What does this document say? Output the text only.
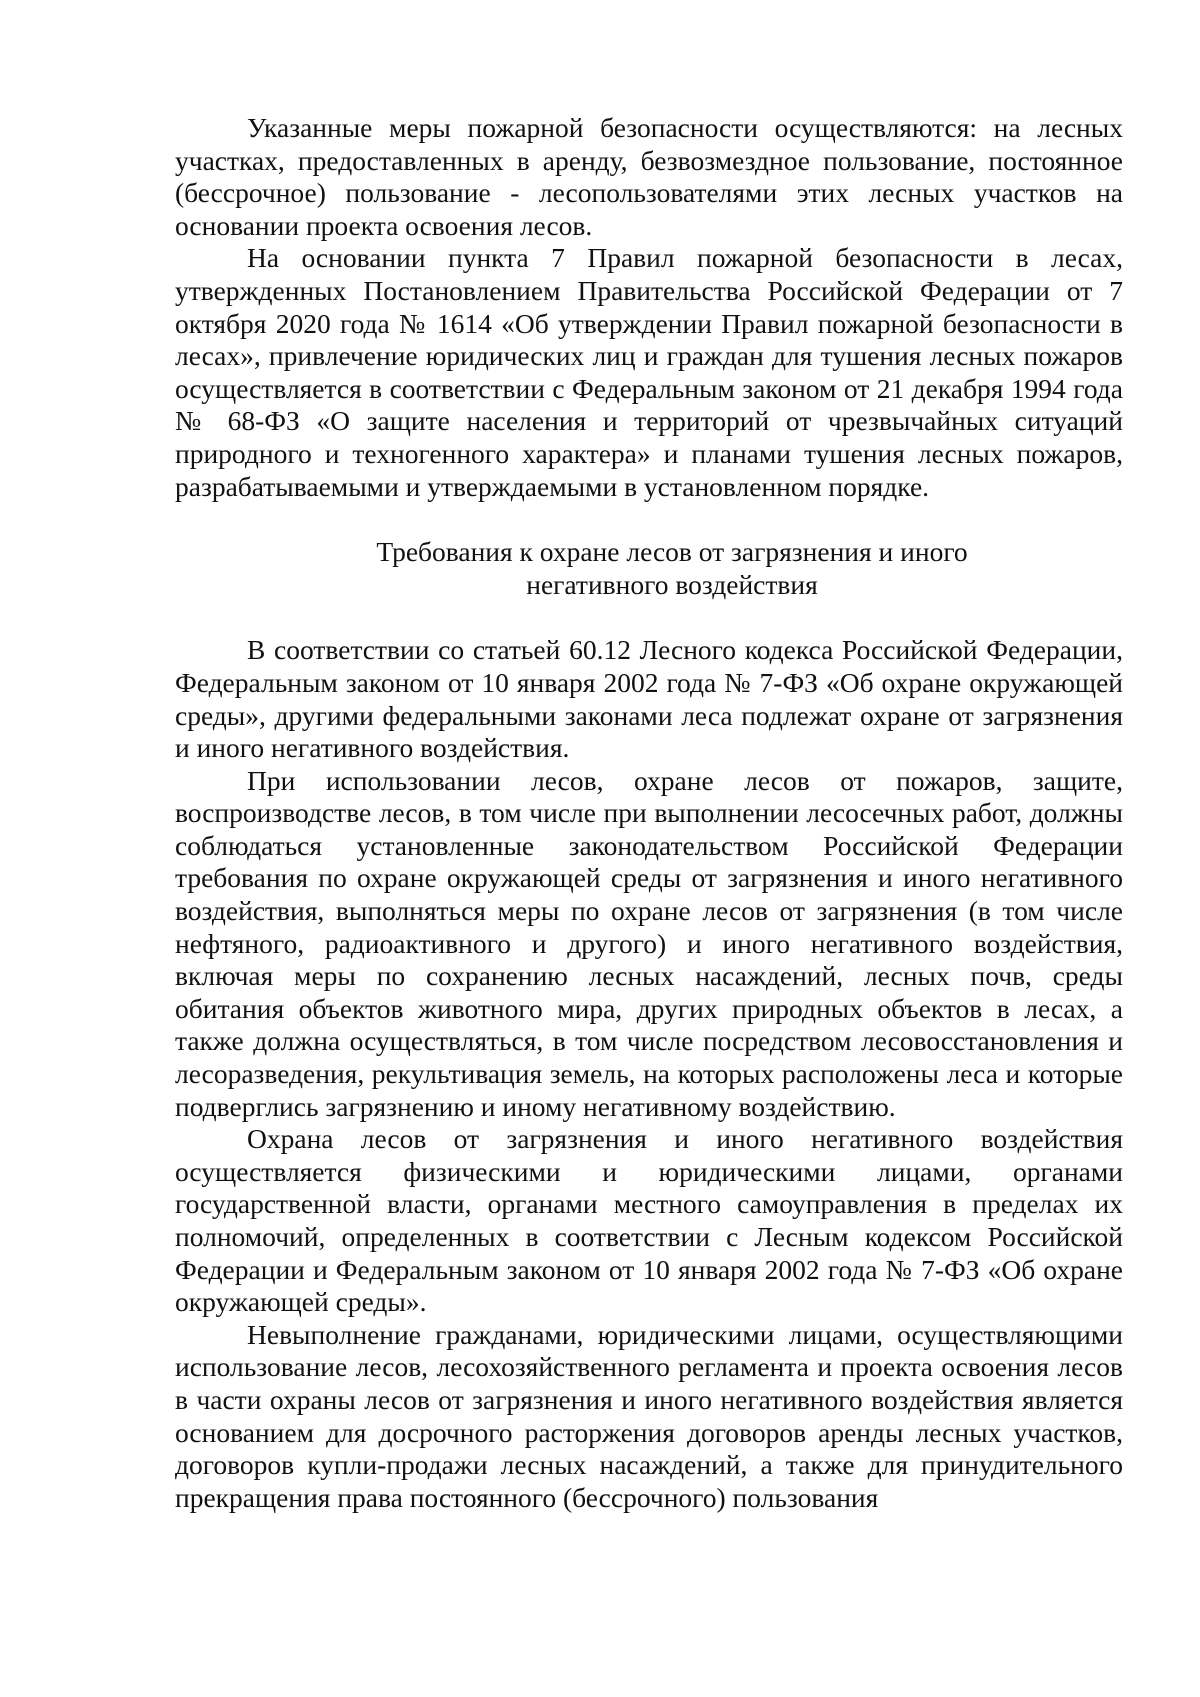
Указанные меры пожарной безопасности осуществляются: на лесных участках, предоставленных в аренду, безвозмездное пользование, постоянное (бессрочное) пользование - лесопользователями этих лесных участков на основании проекта освоения лесов.

На основании пункта 7 Правил пожарной безопасности в лесах, утвержденных Постановлением Правительства Российской Федерации от 7 октября 2020 года № 1614 «Об утверждении Правил пожарной безопасности в лесах», привлечение юридических лиц и граждан для тушения лесных пожаров осуществляется в соответствии с Федеральным законом от 21 декабря 1994 года № 68-ФЗ «О защите населения и территорий от чрезвычайных ситуаций природного и техногенного характера» и планами тушения лесных пожаров, разрабатываемыми и утверждаемыми в установленном порядке.

Требования к охране лесов от загрязнения и иного
негативного воздействия

В соответствии со статьей 60.12 Лесного кодекса Российской Федерации, Федеральным законом от 10 января 2002 года № 7-ФЗ «Об охране окружающей среды», другими федеральными законами леса подлежат охране от загрязнения и иного негативного воздействия.

При использовании лесов, охране лесов от пожаров, защите, воспроизводстве лесов, в том числе при выполнении лесосечных работ, должны соблюдаться установленные законодательством Российской Федерации требования по охране окружающей среды от загрязнения и иного негативного воздействия, выполняться меры по охране лесов от загрязнения (в том числе нефтяного, радиоактивного и другого) и иного негативного воздействия, включая меры по сохранению лесных насаждений, лесных почв, среды обитания объектов животного мира, других природных объектов в лесах, а также должна осуществляться, в том числе посредством лесовосстановления и лесоразведения, рекультивация земель, на которых расположены леса и которые подверглись загрязнению и иному негативному воздействию.

Охрана лесов от загрязнения и иного негативного воздействия осуществляется физическими и юридическими лицами, органами государственной власти, органами местного самоуправления в пределах их полномочий, определенных в соответствии с Лесным кодексом Российской Федерации и Федеральным законом от 10 января 2002 года № 7-ФЗ «Об охране окружающей среды».

Невыполнение гражданами, юридическими лицами, осуществляющими использование лесов, лесохозяйственного регламента и проекта освоения лесов в части охраны лесов от загрязнения и иного негативного воздействия является основанием для досрочного расторжения договоров аренды лесных участков, договоров купли-продажи лесных насаждений, а также для принудительного прекращения права постоянного (бессрочного) пользования
